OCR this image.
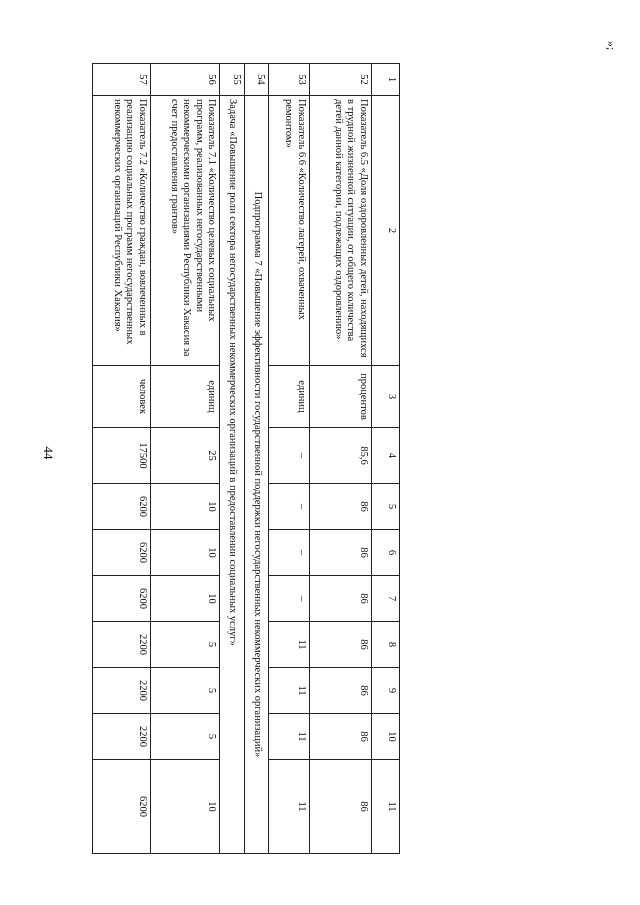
44
»;
1	2	3	4	5	6	7	8	9	10	11
52	Показатель 6.5 «Доля оздоровленных детей, находящихся в трудной жизненной ситуации, от общего количества детей данной категории, подлежащих оздоровлению»	процентов	85,6	86	86	86	86	86	86	86
53	Показатель 6.6 «Количество лагерей, охваченных ремонтом»	единиц	–	–	–	–	11	11	11	11
54	Подпрограмма 7 «Повышение эффективности государственной поддержки негосударственных некоммерческих организаций»									
55	Задача «Повышение роли сектора негосударственных некоммерческих организаций в предоставлении социальных услуг»									
56	Показатель 7.1 «Количество целевых социальных программ, реализованных негосударственными некоммерческими организациями Республики Хакасия за счет предоставления грантов»	единиц	25	10	10	10	5	5	5	10
57	Показатель 7.2 «Количество граждан, вовлеченных в реализацию социальных программ негосударственных некоммерческих организаций Республики Хакасия»	человек	17500	6200	6200	6200	2200	2200	2200	6200
